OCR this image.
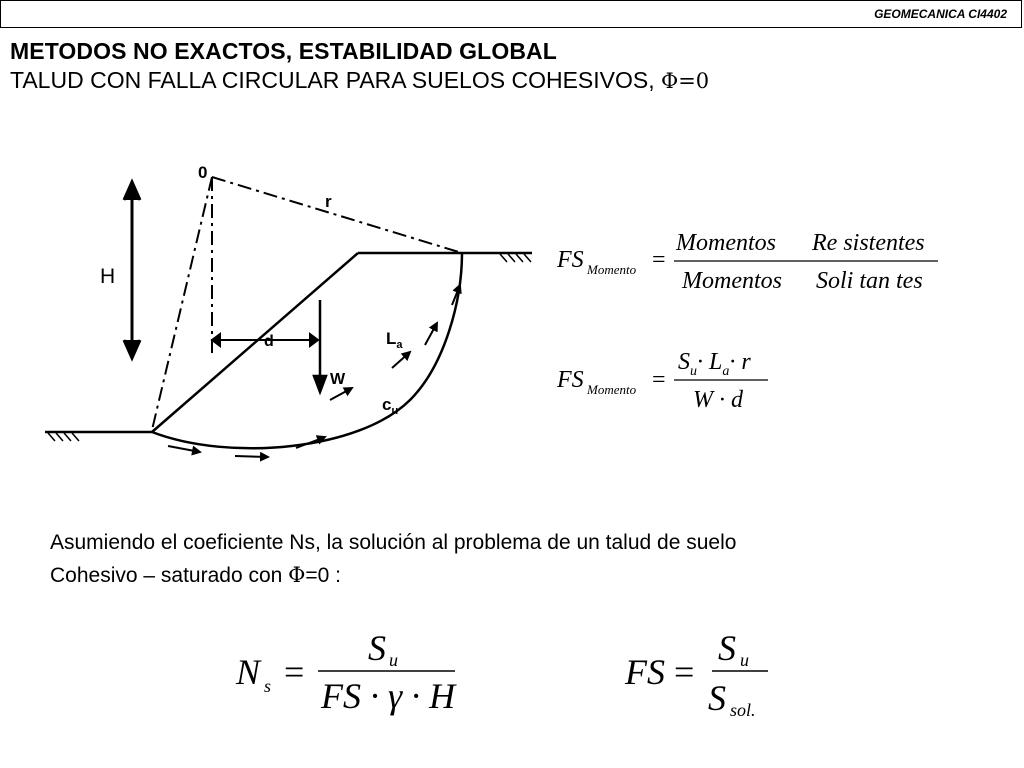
GEOMECANICA CI4402
METODOS NO EXACTOS, ESTABILIDAD GLOBAL
TALUD CON FALLA CIRCULAR PARA SUELOS COHESIVOS, Φ=0
0
r
H
d
W
$L_a$
$c_u$
FS Momento =
Momentos Re sistentes
Momentos Soli tan tes
FS Momento =
$S_u\cdot L_a\cdot r$
W · d
Asumiendo el coeficiente Ns, la solución al problema de un talud de suelo
Cohesivo – saturado con Φ=0 :
N s =
S u
FS · γ · H
FS =
S u
S sol.
